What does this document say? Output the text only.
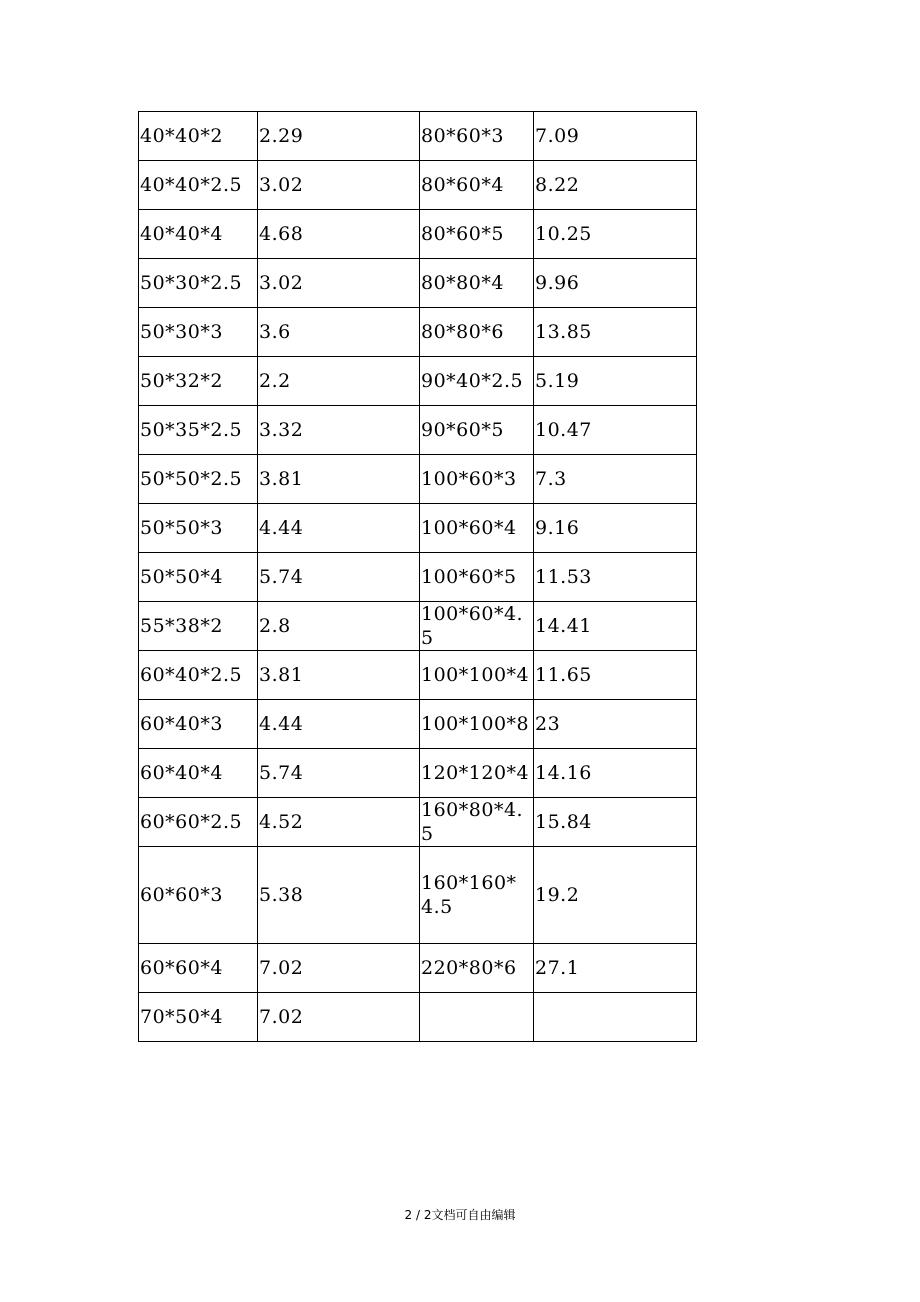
40*40*2	2.29	80*60*3	7.09
40*40*2.5	3.02	80*60*4	8.22
40*40*4	4.68	80*60*5	10.25
50*30*2.5	3.02	80*80*4	9.96
50*30*3	3.6	80*80*6	13.85
50*32*2	2.2	90*40*2.5	5.19
50*35*2.5	3.32	90*60*5	10.47
50*50*2.5	3.81	100*60*3	7.3
50*50*3	4.44	100*60*4	9.16
50*50*4	5.74	100*60*5	11.53
55*38*2	2.8	100*60*4.5	14.41
60*40*2.5	3.81	100*100*4	11.65
60*40*3	4.44	100*100*8	23
60*40*4	5.74	120*120*4	14.16
60*60*2.5	4.52	160*80*4.5	15.84
60*60*3	5.38	160*160*4.5	19.2
60*60*4	7.02	220*80*6	27.1
70*50*4	7.02		
2 / 2文档可自由编辑
